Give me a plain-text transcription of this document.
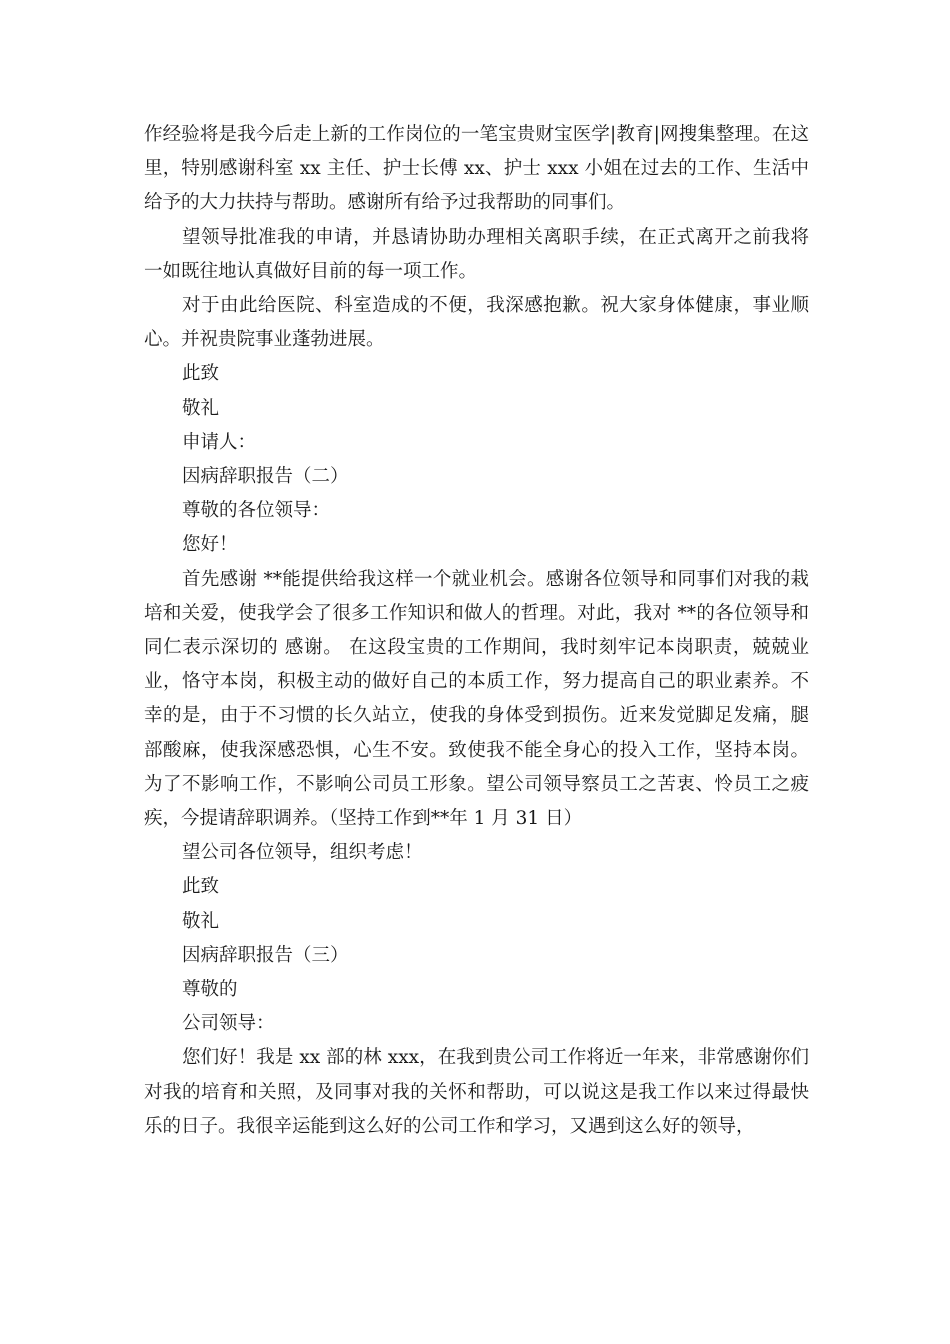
作经验将是我今后走上新的工作岗位的一笔宝贵财宝医学|教育|网搜集整理。在这里，特别感谢科室 xx 主任、护士长傅 xx、护士 xxx 小姐在过去的工作、生活中给予的大力扶持与帮助。感谢所有给予过我帮助的同事们。

望领导批准我的申请，并恳请协助办理相关离职手续，在正式离开之前我将一如既往地认真做好目前的每一项工作。

对于由此给医院、科室造成的不便，我深感抱歉。祝大家身体健康，事业顺心。并祝贵院事业蓬勃进展。

此致

敬礼

申请人：

因病辞职报告（二）

尊敬的各位领导：

您好！

首先感谢 **能提供给我这样一个就业机会。感谢各位领导和同事们对我的栽培和关爱，使我学会了很多工作知识和做人的哲理。对此，我对 **的各位领导和同仁表示深切的 感谢。 在这段宝贵的工作期间，我时刻牢记本岗职责，兢兢业业，恪守本岗，积极主动的做好自己的本质工作，努力提高自己的职业素养。不幸的是，由于不习惯的长久站立，使我的身体受到损伤。近来发觉脚足发痛，腿部酸麻，使我深感恐惧，心生不安。致使我不能全身心的投入工作，坚持本岗。为了不影响工作，不影响公司员工形象。望公司领导察员工之苦衷、怜员工之疲疾，今提请辞职调养。（坚持工作到**年 1 月 31 日）

望公司各位领导，组织考虑！

此致

敬礼

因病辞职报告（三）

尊敬的

公司领导：

您们好！我是 xx 部的林 xxx，在我到贵公司工作将近一年来，非常感谢你们对我的培育和关照，及同事对我的关怀和帮助，可以说这是我工作以来过得最快乐的日子。我很辛运能到这么好的公司工作和学习，又遇到这么好的领导，
